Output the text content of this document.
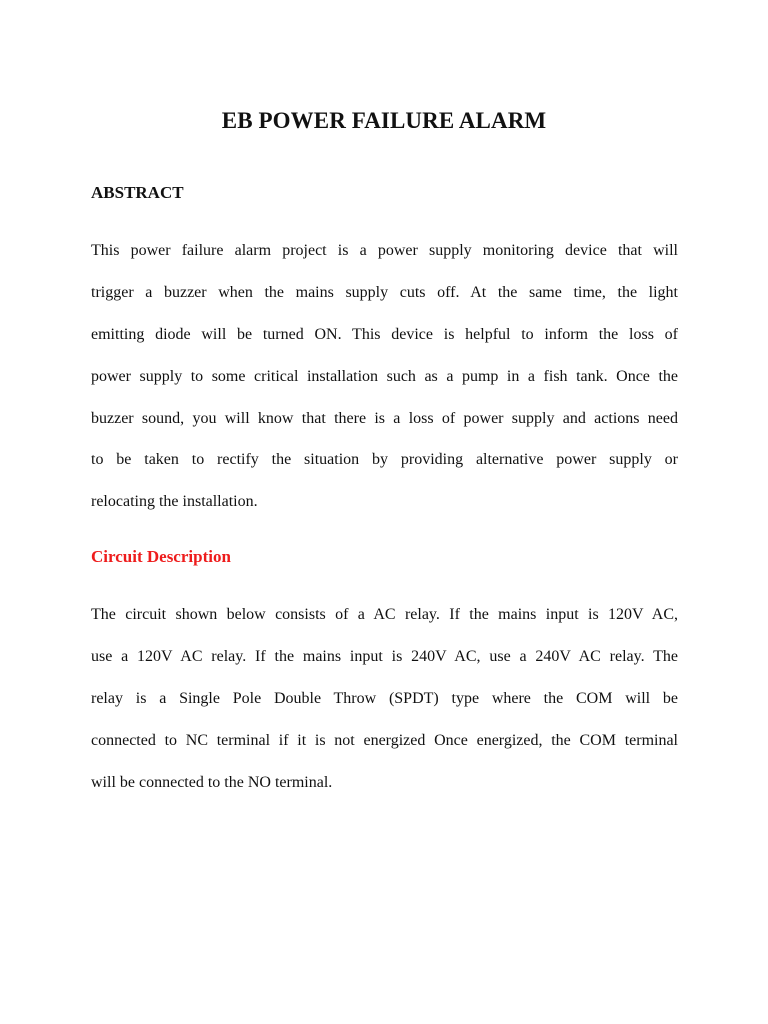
EB POWER FAILURE ALARM
ABSTRACT
This power failure alarm project is a power supply monitoring device that will
trigger a buzzer when the mains supply cuts off. At the same time, the light
emitting diode will be turned ON. This device is helpful to inform the loss of
power supply to some critical installation such as a pump in a fish tank. Once the
buzzer sound, you will know that there is a loss of power supply and actions need
to be taken to rectify the situation by providing alternative power supply or
relocating the installation.
Circuit Description
The circuit shown below consists of a AC relay. If the mains input is 120V AC,
use a 120V AC relay. If the mains input is 240V AC, use a 240V AC relay. The
relay is a Single Pole Double Throw (SPDT) type where the COM will be
connected to NC terminal if it is not energized Once energized, the COM terminal
will be connected to the NO terminal.
